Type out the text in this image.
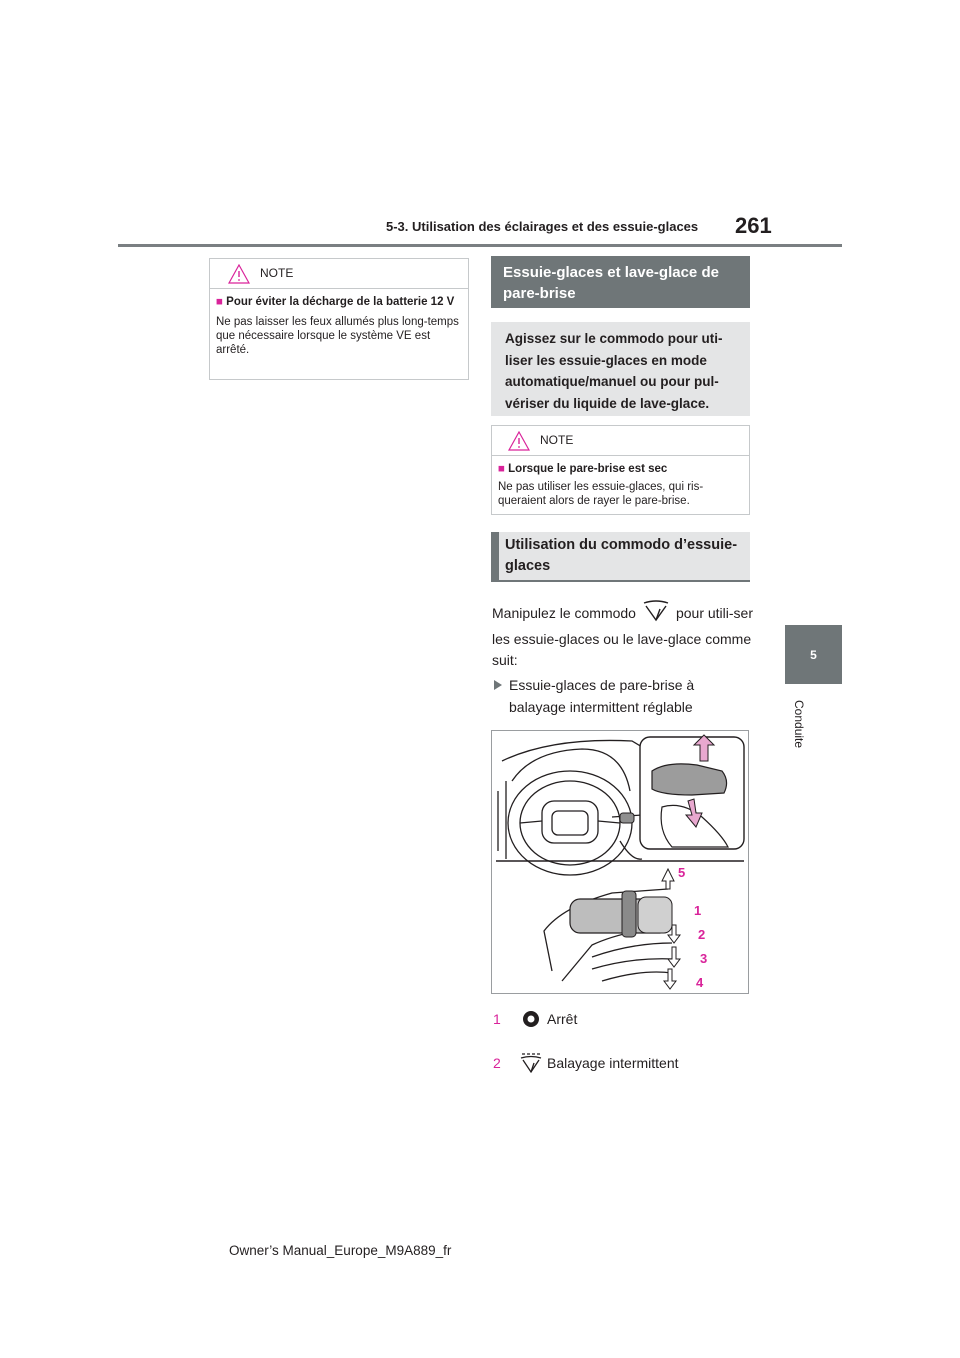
5-3. Utilisation des éclairages et des essuie-glaces 261
5
Conduite
NOTE
■ Pour éviter la décharge de la batterie 12 V
Ne pas laisser les feux allumés plus long-temps que nécessaire lorsque le système VE est arrêté.
Essuie-glaces et lave-glace de pare-brise
Agissez sur le commodo pour uti-liser les essuie-glaces en mode automatique/manuel ou pour pul-vériser du liquide de lave-glace.
NOTE
■ Lorsque le pare-brise est sec
Ne pas utiliser les essuie-glaces, qui ris-queraient alors de rayer le pare-brise.
Utilisation du commodo d’essuie-glaces
Manipulez le commodo	pour utili-ser les essuie-glaces ou le lave-glace comme suit:
Essuie-glaces de pare-brise à balayage intermittent réglable
5
1
2
3
4
1	Arrêt
2	Balayage intermittent
Owner’s Manual_Europe_M9A889_fr
